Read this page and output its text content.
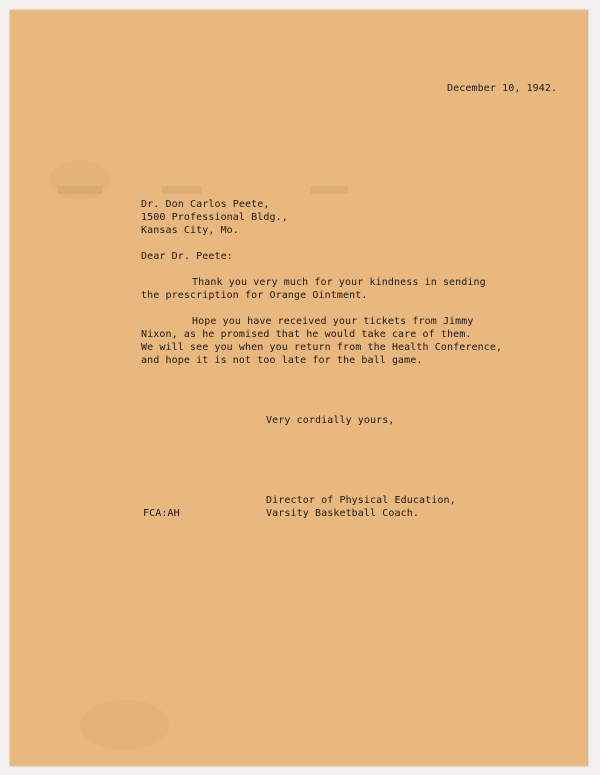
December 10, 1942.
Dr. Don Carlos Peete,
1500 Professional Bldg.,
Kansas City, Mo.
Dear Dr. Peete:
Thank you very much for your kindness in sending
the prescription for Orange Ointment.
Hope you have received your tickets from Jimmy
Nixon, as he promised that he would take care of them.
We will see you when you return from the Health Conference,
and hope it is not too late for the ball game.
Very cordially yours,
Director of Physical Education,
Varsity Basketball Coach.
FCA:AH
